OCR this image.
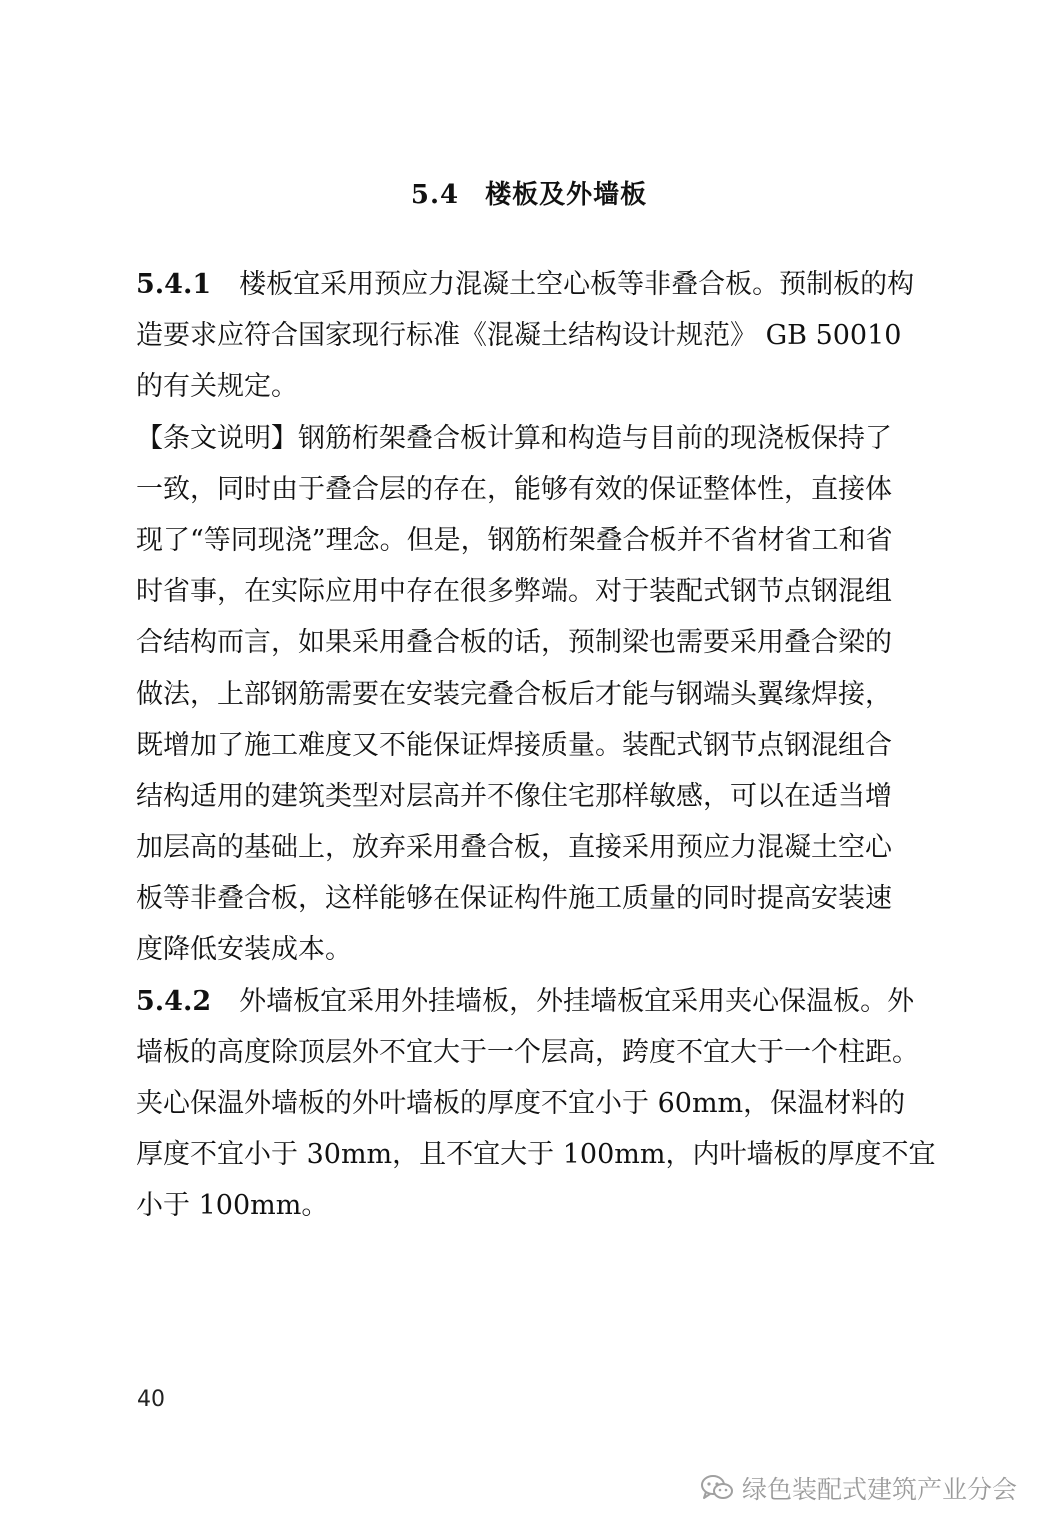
5.4 楼板及外墙板
5.4.1 楼板宜采用预应力混凝土空心板等非叠合板。预制板的构
造要求应符合国家现行标准《混凝土结构设计规范》 GB 50010
的有关规定。
【条文说明】钢筋桁架叠合板计算和构造与目前的现浇板保持了
一致，同时由于叠合层的存在，能够有效的保证整体性，直接体
现了“等同现浇”理念。但是，钢筋桁架叠合板并不省材省工和省
时省事，在实际应用中存在很多弊端。对于装配式钢节点钢混组
合结构而言，如果采用叠合板的话，预制梁也需要采用叠合梁的
做法，上部钢筋需要在安装完叠合板后才能与钢端头翼缘焊接，
既增加了施工难度又不能保证焊接质量。装配式钢节点钢混组合
结构适用的建筑类型对层高并不像住宅那样敏感，可以在适当增
加层高的基础上，放弃采用叠合板，直接采用预应力混凝土空心
板等非叠合板，这样能够在保证构件施工质量的同时提高安装速
度降低安装成本。
5.4.2 外墙板宜采用外挂墙板，外挂墙板宜采用夹心保温板。外
墙板的高度除顶层外不宜大于一个层高，跨度不宜大于一个柱距。
夹心保温外墙板的外叶墙板的厚度不宜小于 60mm，保温材料的
厚度不宜小于 30mm，且不宜大于 100mm，内叶墙板的厚度不宜
小于 100mm。
40
绿色装配式建筑产业分会
